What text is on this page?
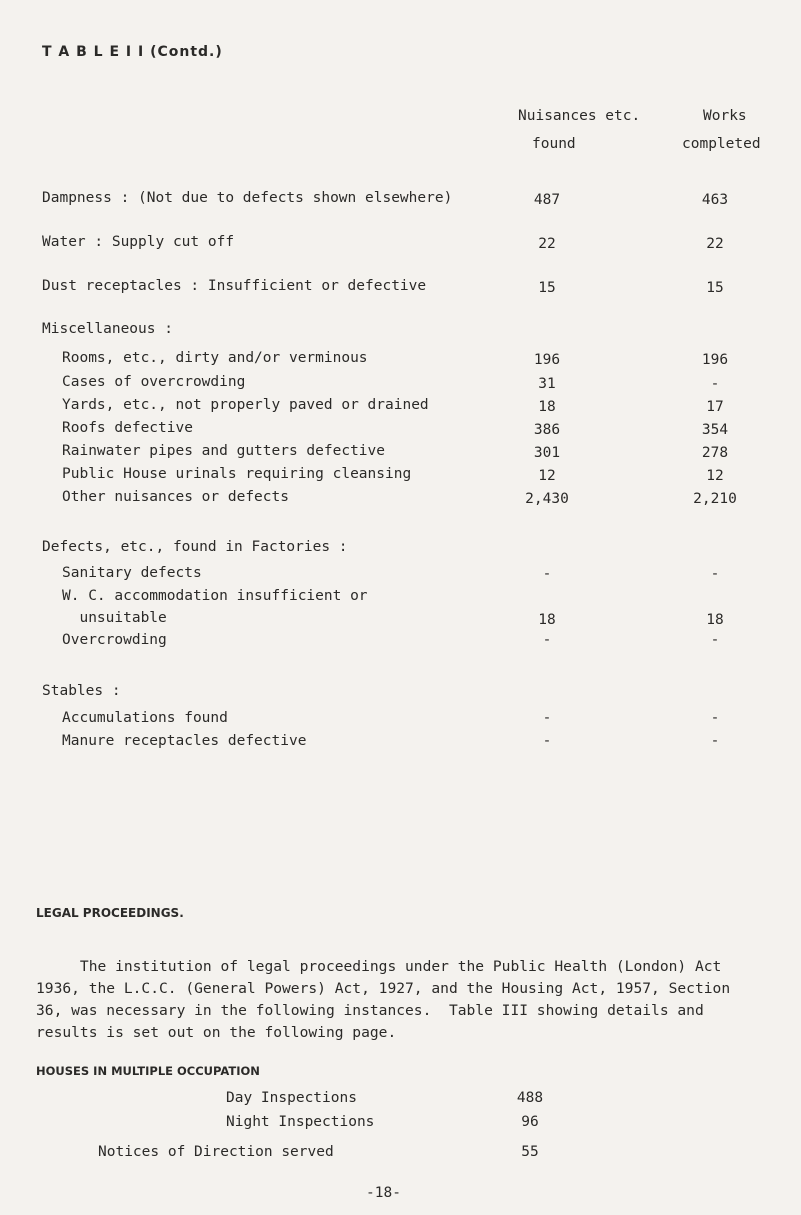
T A B L E I I (Contd.)
Nuisances etc.
found
Works
completed
Dampness : (Not due to defects shown elsewhere)	487	463
Water : Supply cut off	22	22
Dust receptacles : Insufficient or defective	15	15
Miscellaneous :
Rooms, etc., dirty and/or verminous	196	196
Cases of overcrowding	31	-
Yards, etc., not properly paved or drained	18	17
Roofs defective	386	354
Rainwater pipes and gutters defective	301	278
Public House urinals requiring cleansing	12	12
Other nuisances or defects	2,430	2,210
Defects, etc., found in Factories :
Sanitary defects	-	-
W. C. accommodation insufficient or
unsuitable	18	18
Overcrowding	-	-
Stables :
Accumulations found	-	-
Manure receptacles defective	-	-
LEGAL PROCEEDINGS.
The institution of legal proceedings under the Public Health (London) Act
1936, the L.C.C. (General Powers) Act, 1927, and the Housing Act, 1957, Section
36, was necessary in the following instances.  Table III showing details and
results is set out on the following page.
HOUSES IN MULTIPLE OCCUPATION
Day Inspections	488
Night Inspections	96
Notices of Direction served	55
-18-
